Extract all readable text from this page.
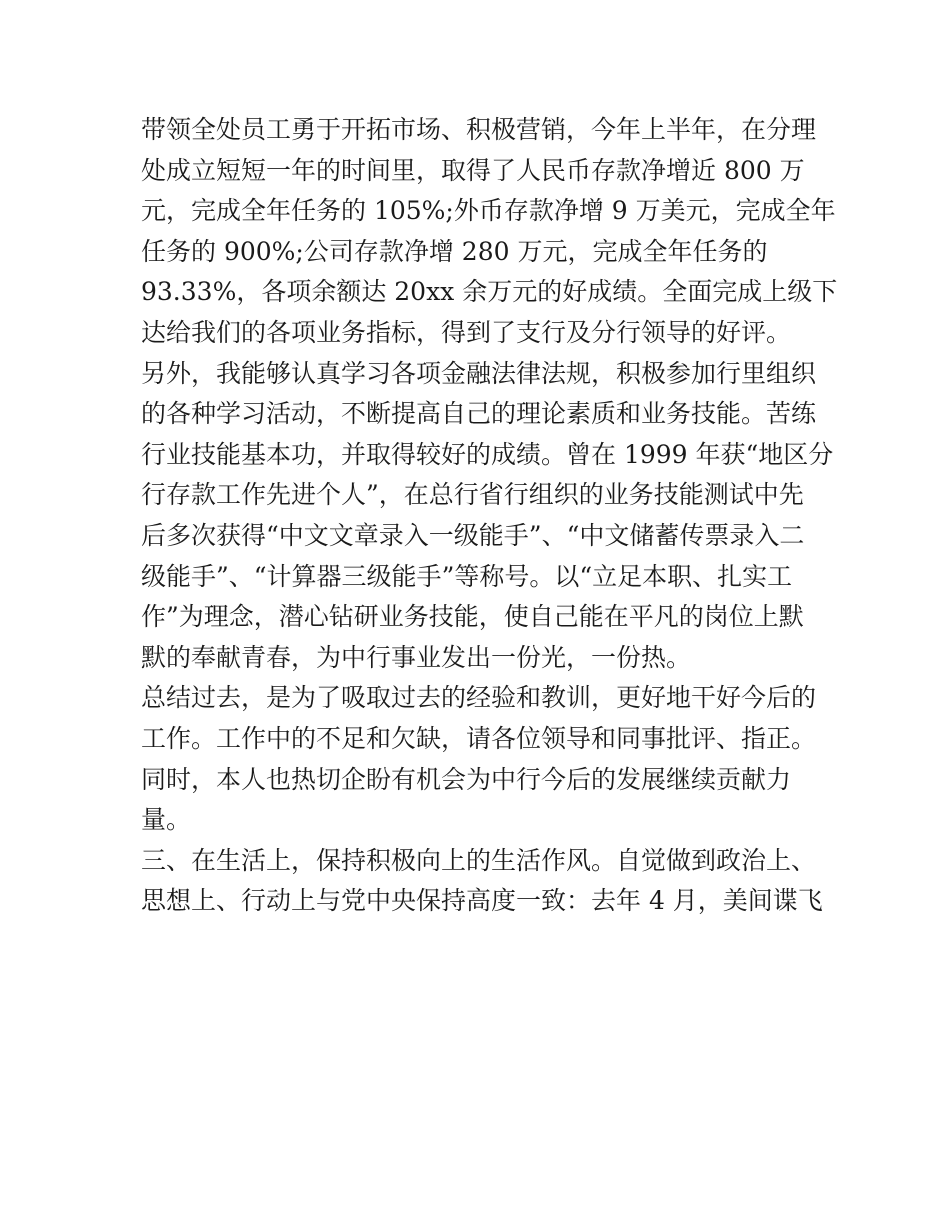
带领全处员工勇于开拓市场、积极营销，今年上半年，在分理
处成立短短一年的时间里，取得了人民币存款净增近 800 万
元，完成全年任务的 105%;外币存款净增 9 万美元，完成全年
任务的 900%;公司存款净增 280 万元，完成全年任务的
93.33%，各项余额达 20xx 余万元的好成绩。全面完成上级下
达给我们的各项业务指标，得到了支行及分行领导的好评。
另外，我能够认真学习各项金融法律法规，积极参加行里组织
的各种学习活动，不断提高自己的理论素质和业务技能。苦练
行业技能基本功，并取得较好的成绩。曾在 1999 年获“地区分
行存款工作先进个人”，在总行省行组织的业务技能测试中先
后多次获得“中文文章录入一级能手”、“中文储蓄传票录入二
级能手”、“计算器三级能手”等称号。以“立足本职、扎实工
作”为理念，潜心钻研业务技能，使自己能在平凡的岗位上默
默的奉献青春，为中行事业发出一份光，一份热。
总结过去，是为了吸取过去的经验和教训，更好地干好今后的
工作。工作中的不足和欠缺，请各位领导和同事批评、指正。
同时，本人也热切企盼有机会为中行今后的发展继续贡献力
量。
三、在生活上，保持积极向上的生活作风。自觉做到政治上、
思想上、行动上与党中央保持高度一致：去年 4 月，美间谍飞
